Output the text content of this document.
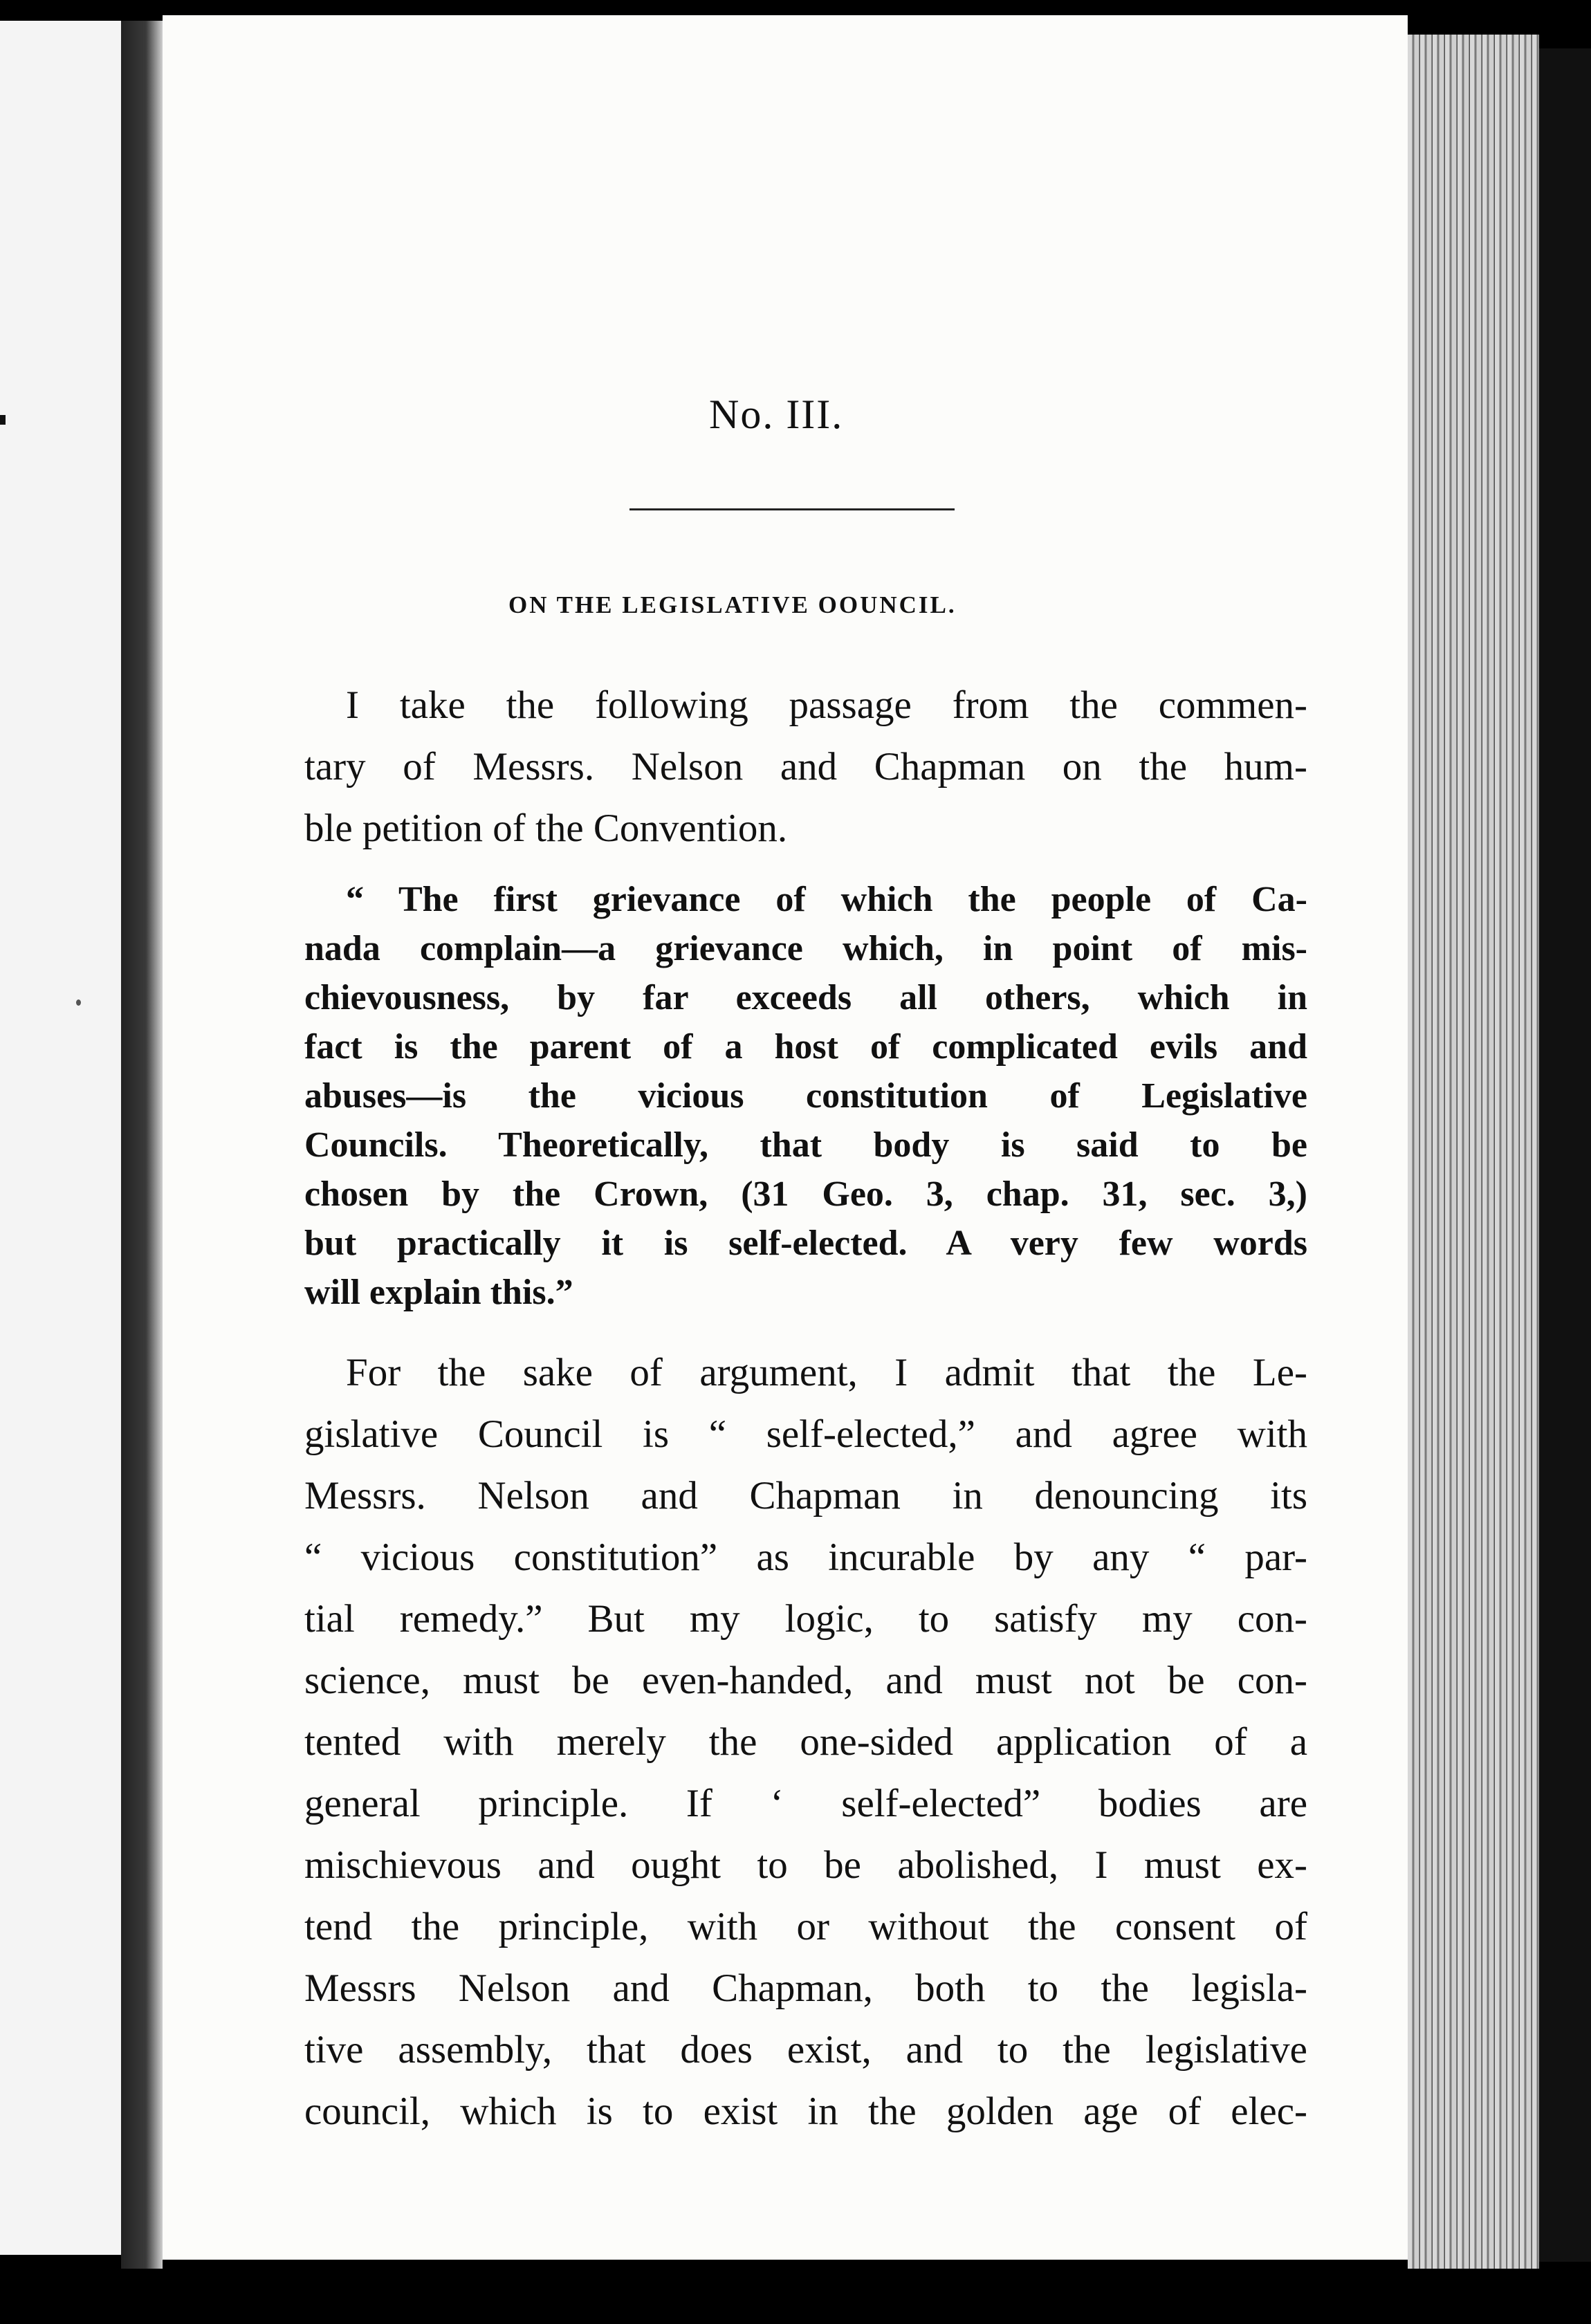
No. III.
ON THE LEGISLATIVE OOUNCIL.
I take the following passage from the commen-
tary of Messrs. Nelson and Chapman on the hum-
ble petition of the Convention.
“ The first grievance of which the people of Ca-
nada complain—a grievance which, in point of mis-
chievousness, by far exceeds all others, which in
fact is the parent of a host of complicated evils and
abuses—is the vicious constitution of Legislative
Councils. Theoretically, that body is said to be
chosen by the Crown, (31 Geo. 3, chap. 31, sec. 3,)
but practically it is self-elected. A very few words
will explain this.”
For the sake of argument, I admit that the Le-
gislative Council is “ self-elected,” and agree with
Messrs. Nelson and Chapman in denouncing its
“ vicious constitution” as incurable by any “ par-
tial remedy.” But my logic, to satisfy my con-
science, must be even-handed, and must not be con-
tented with merely the one-sided application of a
general principle. If ‘ self-elected” bodies are
mischievous and ought to be abolished, I must ex-
tend the principle, with or without the consent of
Messrs Nelson and Chapman, both to the legisla-
tive assembly, that does exist, and to the legislative
council, which is to exist in the golden age of elec-
